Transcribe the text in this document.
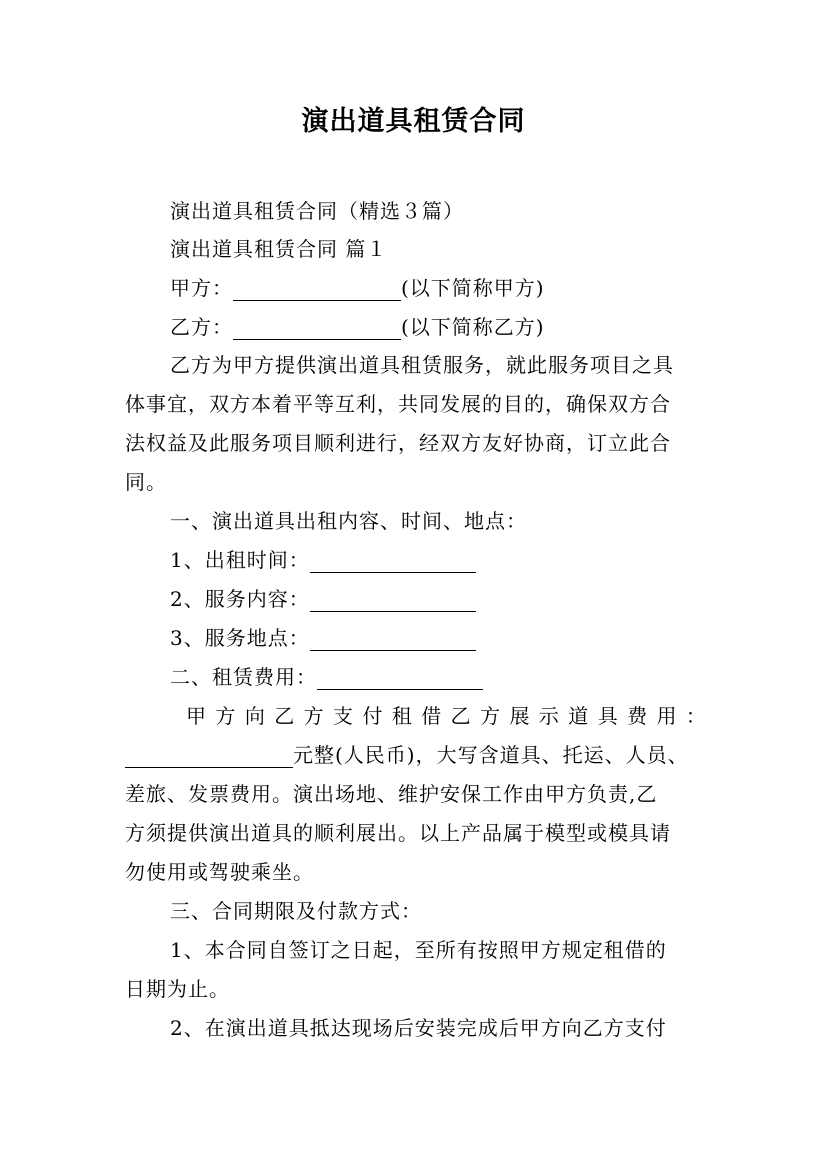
演出道具租赁合同
演出道具租赁合同（精选３篇）
演出道具租赁合同 篇１
甲方：	(以下简称甲方)
乙方：	(以下简称乙方)
乙方为甲方提供演出道具租赁服务，就此服务项目之具
体事宜，双方本着平等互利，共同发展的目的，确保双方合
法权益及此服务项目顺利进行，经双方友好协商，订立此合
同。
一、演出道具出租内容、时间、地点：
1、出租时间：
2、服务内容：
3、服务地点：
二、租赁费用：
甲 方 向 乙 方 支 付 租 借 乙 方 展 示 道 具 费 用 ：
元整(人民币)，大写含道具、托运、人员、
差旅、发票费用。演出场地、维护安保工作由甲方负责,乙
方须提供演出道具的顺利展出。以上产品属于模型或模具请
勿使用或驾驶乘坐。
三、合同期限及付款方式：
1、本合同自签订之日起，至所有按照甲方规定租借的
日期为止。
2、在演出道具抵达现场后安装完成后甲方向乙方支付
